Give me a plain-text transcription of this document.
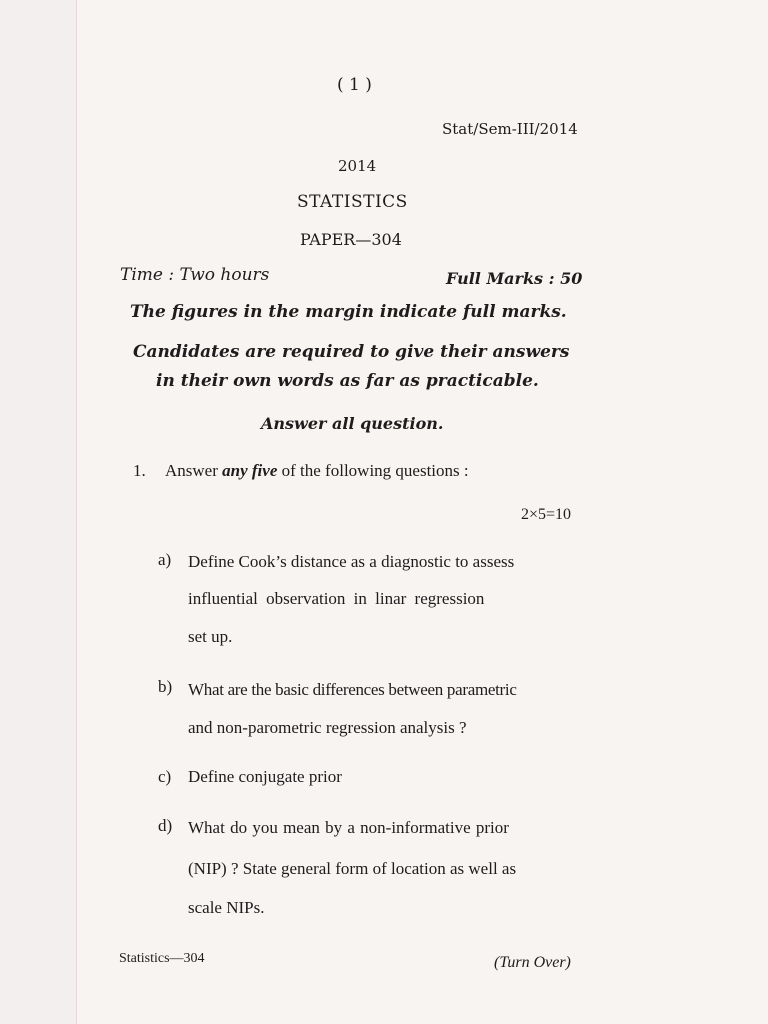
( 1 )
Stat/Sem-III/2014
2014
STATISTICS
PAPER—304
Time : Two hours	Full Marks : 50
The figures in the margin indicate full marks.
Candidates are required to give their answers
in their own words as far as practicable.
Answer all question.
1. Answer any five of the following questions :
2×5=10
a) Define Cook’s distance as a diagnostic to assess
influential observation in linar regression
set up.
b) What are the basic differences between parametric
and non-parometric regression analysis ?
c) Define conjugate prior
d) What do you mean by a non-informative prior
(NIP) ? State general form of location as well as
scale NIPs.
Statistics—304	(Turn Over)
